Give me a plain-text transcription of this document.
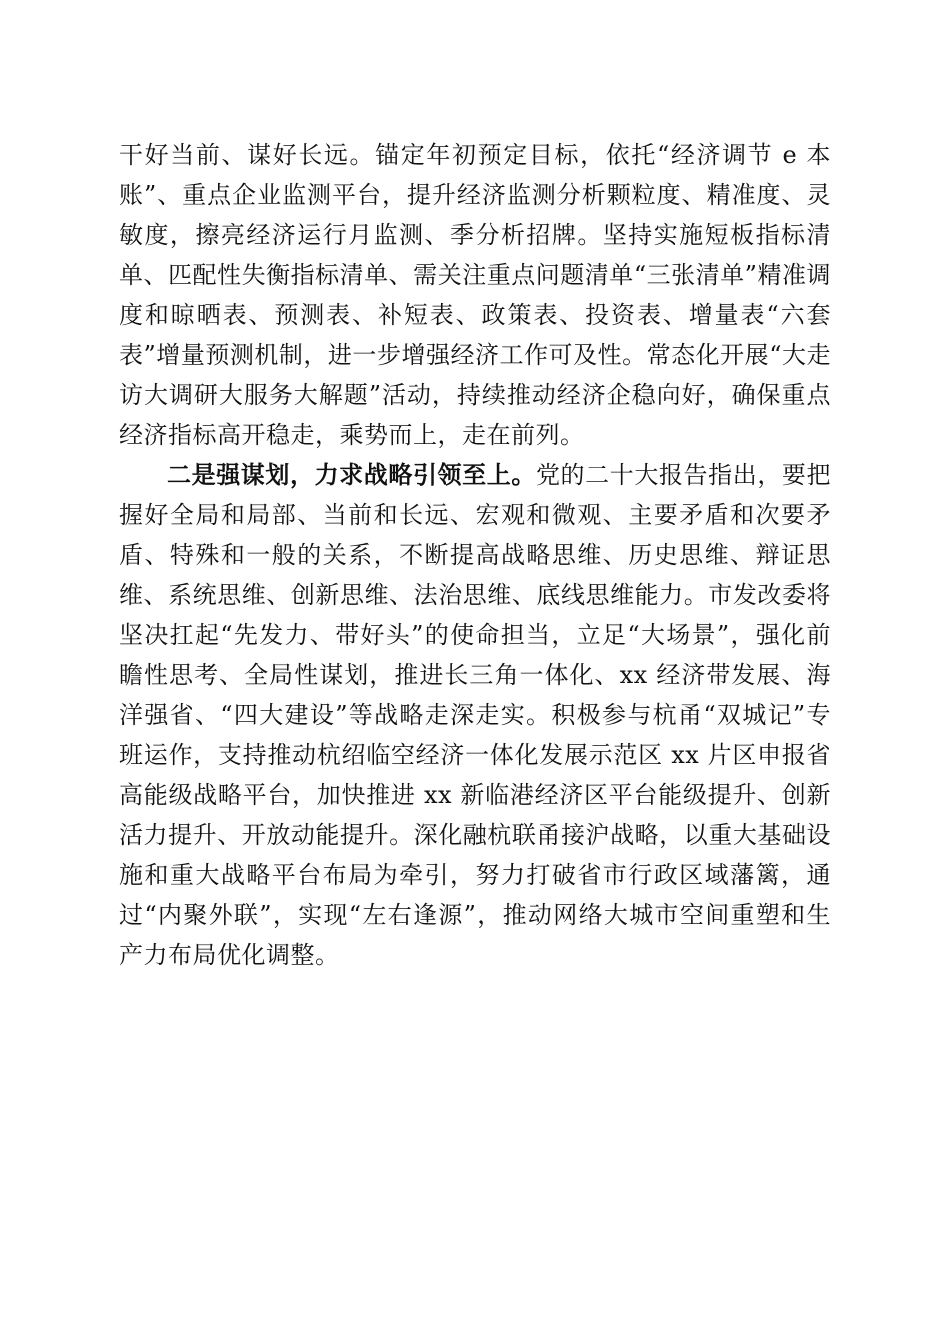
干好当前、谋好长远。锚定年初预定目标，依托“经济调节 e 本账”、重点企业监测平台，提升经济监测分析颗粒度、精准度、灵敏度，擦亮经济运行月监测、季分析招牌。坚持实施短板指标清单、匹配性失衡指标清单、需关注重点问题清单“三张清单”精准调度和晾晒表、预测表、补短表、政策表、投资表、增量表“六套表”增量预测机制，进一步增强经济工作可及性。常态化开展“大走访大调研大服务大解题”活动，持续推动经济企稳向好，确保重点经济指标高开稳走，乘势而上，走在前列。

二是强谋划，力求战略引领至上。党的二十大报告指出，要把握好全局和局部、当前和长远、宏观和微观、主要矛盾和次要矛盾、特殊和一般的关系，不断提高战略思维、历史思维、辩证思维、系统思维、创新思维、法治思维、底线思维能力。市发改委将坚决扛起“先发力、带好头”的使命担当，立足“大场景”，强化前瞻性思考、全局性谋划，推进长三角一体化、xx 经济带发展、海洋强省、“四大建设”等战略走深走实。积极参与杭甬“双城记”专班运作，支持推动杭绍临空经济一体化发展示范区 xx 片区申报省高能级战略平台，加快推进 xx 新临港经济区平台能级提升、创新活力提升、开放动能提升。深化融杭联甬接沪战略，以重大基础设施和重大战略平台布局为牵引，努力打破省市行政区域藩篱，通过“内聚外联”，实现“左右逢源”，推动网络大城市空间重塑和生产力布局优化调整。
